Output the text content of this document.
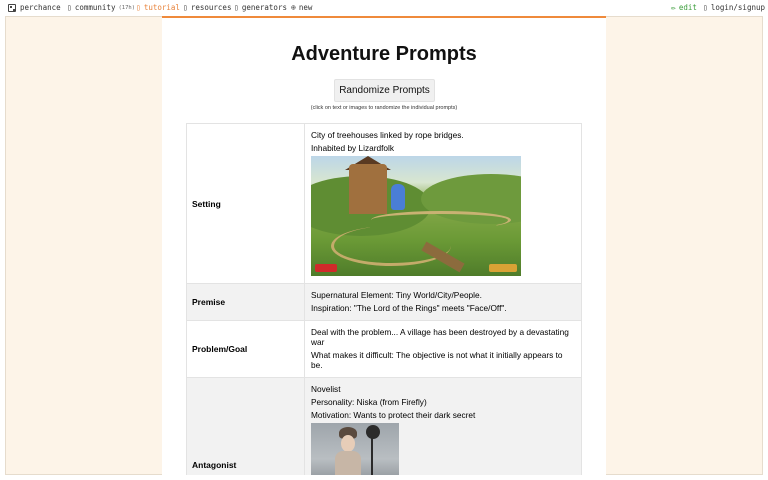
perchance ▯ community (17h) ▯ tutorial ▯ resources ▯ generators ⊕ new	✏ edit ▯ login/signup
Adventure Prompts
Randomize Prompts
(click on text or images to randomize the individual prompts)
Setting

City of treehouses linked by rope bridges.

Inhabited by Lizardfolk

Premise

Supernatural Element: Tiny World/City/People.

Inspiration: "The Lord of the Rings" meets "Face/Off".

Problem/Goal

Deal with the problem... A village has been destroyed by a devastating war

What makes it difficult: The objective is not what it initially appears to be.

Antagonist

Novelist

Personality: Niska (from Firefly)

Motivation: Wants to protect their dark secret
